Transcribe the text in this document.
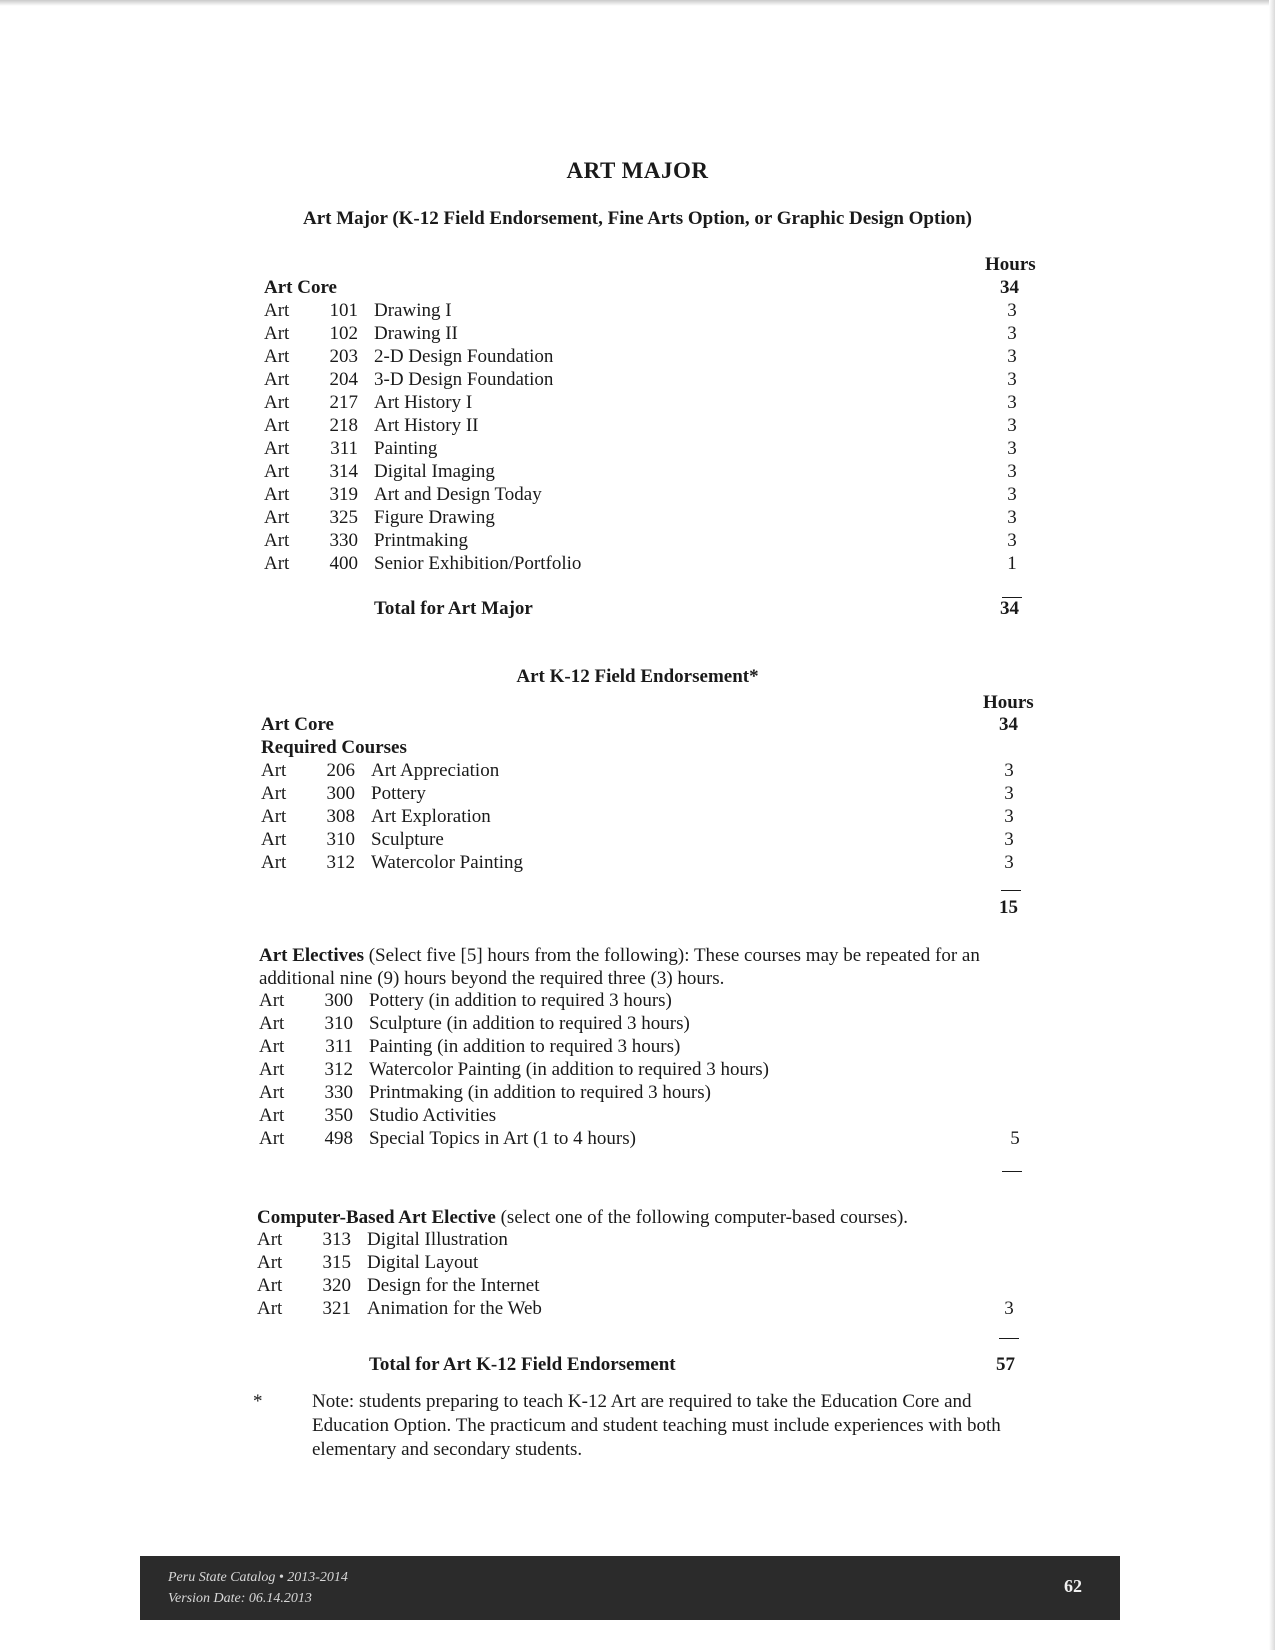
ART MAJOR
Art Major (K-12 Field Endorsement, Fine Arts Option, or Graphic Design Option)
Hours
Art Core	34
Art	101 Drawing I	3
Art	102 Drawing II	3
Art	203 2-D Design Foundation	3
Art	204 3-D Design Foundation	3
Art	217 Art History I	3
Art	218 Art History II	3
Art	311 Painting	3
Art	314 Digital Imaging	3
Art	319 Art and Design Today	3
Art	325 Figure Drawing	3
Art	330 Printmaking	3
Art	400 Senior Exhibition/Portfolio	1
Total for Art Major	34
Art K-12 Field Endorsement*
Hours
Art Core	34
Required Courses
Art	206 Art Appreciation	3
Art	300 Pottery	3
Art	308 Art Exploration	3
Art	310 Sculpture	3
Art	312 Watercolor Painting	3
15
Art Electives (Select five [5] hours from the following): These courses may be repeated for an
additional nine (9) hours beyond the required three (3) hours.
Art	300 Pottery (in addition to required 3 hours)
Art	310 Sculpture (in addition to required 3 hours)
Art	311 Painting (in addition to required 3 hours)
Art	312 Watercolor Painting (in addition to required 3 hours)
Art	330 Printmaking (in addition to required 3 hours)
Art	350 Studio Activities
Art	498 Special Topics in Art (1 to 4 hours)	5
Computer-Based Art Elective (select one of the following computer-based courses).
Art	313 Digital Illustration
Art	315 Digital Layout
Art	320 Design for the Internet
Art	321 Animation for the Web	3
Total for Art K-12 Field Endorsement	57
*	Note: students preparing to teach K-12 Art are required to take the Education Core and
Education Option. The practicum and student teaching must include experiences with both
elementary and secondary students.
Peru State Catalog • 2013-2014
Version Date: 06.14.2013
62
